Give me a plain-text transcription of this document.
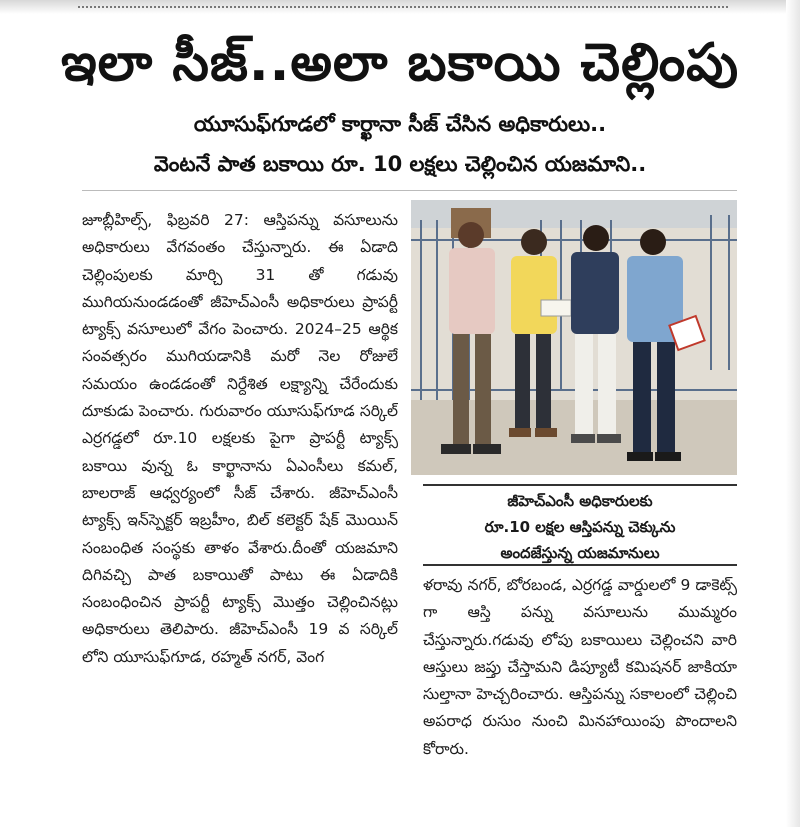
ఇలా సీజ్..అలా బకాయి చెల్లింపు
యూసుఫ్‌గూడలో కార్ఖానా సీజ్ చేసిన అధికారులు..
వెంటనే పాత బకాయి రూ. 10 లక్షలు చెల్లించిన యజమాని..
జూబ్లీహిల్స్, ఫిబ్రవరి 27: ఆస్తిపన్ను వసూలును అధికారులు వేగవంతం చేస్తున్నారు. ఈ ఏడాది చెల్లింపులకు మార్చి 31 తో గడువు ముగియనుండడంతో జీహెచ్ఎంసీ అధికారులు ప్రాపర్టీ ట్యాక్స్ వసూలులో వేగం పెంచారు. 2024–25 ఆర్థిక సంవత్సరం ముగియడానికి మరో నెల రోజులే సమయం ఉండడంతో నిర్దేశిత లక్ష్యాన్ని చేరేందుకు దూకుడు పెంచారు. గురువారం యూసుఫ్‌గూడ సర్కిల్ ఎర్రగడ్డలో రూ.10 లక్షలకు పైగా ప్రాపర్టీ ట్యాక్స్ బకాయి వున్న ఓ కార్ఖానాను ఏఎంసీలు కమల్, బాలరాజ్ ఆధ్వర్యంలో సీజ్ చేశారు. జీహెచ్ఎంసీ ట్యాక్స్ ఇన్‌స్పెక్టర్ ఇబ్రహీం, బిల్ కలెక్టర్ షేక్ మొయిన్ సంబంధిత సంస్థకు తాళం వేశారు.దీంతో యజమాని దిగివచ్చి పాత బకాయితో పాటు ఈ ఏడాదికి సంబంధించిన ప్రాపర్టీ ట్యాక్స్ మొత్తం చెల్లించినట్లు అధికారులు తెలిపారు. జీహెచ్ఎంసీ 19 వ సర్కిల్ లోని యూసుఫ్‌గూడ, రహ్మత్ నగర్, వెంగ
జీహెచ్ఎంసీ అధికారులకు
రూ.10 లక్షల ఆస్తిపన్ను చెక్కును
అందజేస్తున్న యజమానులు
ళరావు నగర్, బోరబండ, ఎర్రగడ్డ వార్డులలో 9 డాకెట్స్ గా ఆస్తి పన్ను వసూలును ముమ్మరం చేస్తున్నారు.గడువు లోపు బకాయిలు చెల్లించని వారి ఆస్తులు జప్తు చేస్తామని డిప్యూటీ కమిషనర్ జాకియా సుల్తానా హెచ్చరించారు. ఆస్తిపన్ను సకాలంలో చెల్లించి అపరాధ రుసుం నుంచి మినహాయింపు పొందాలని కోరారు.
